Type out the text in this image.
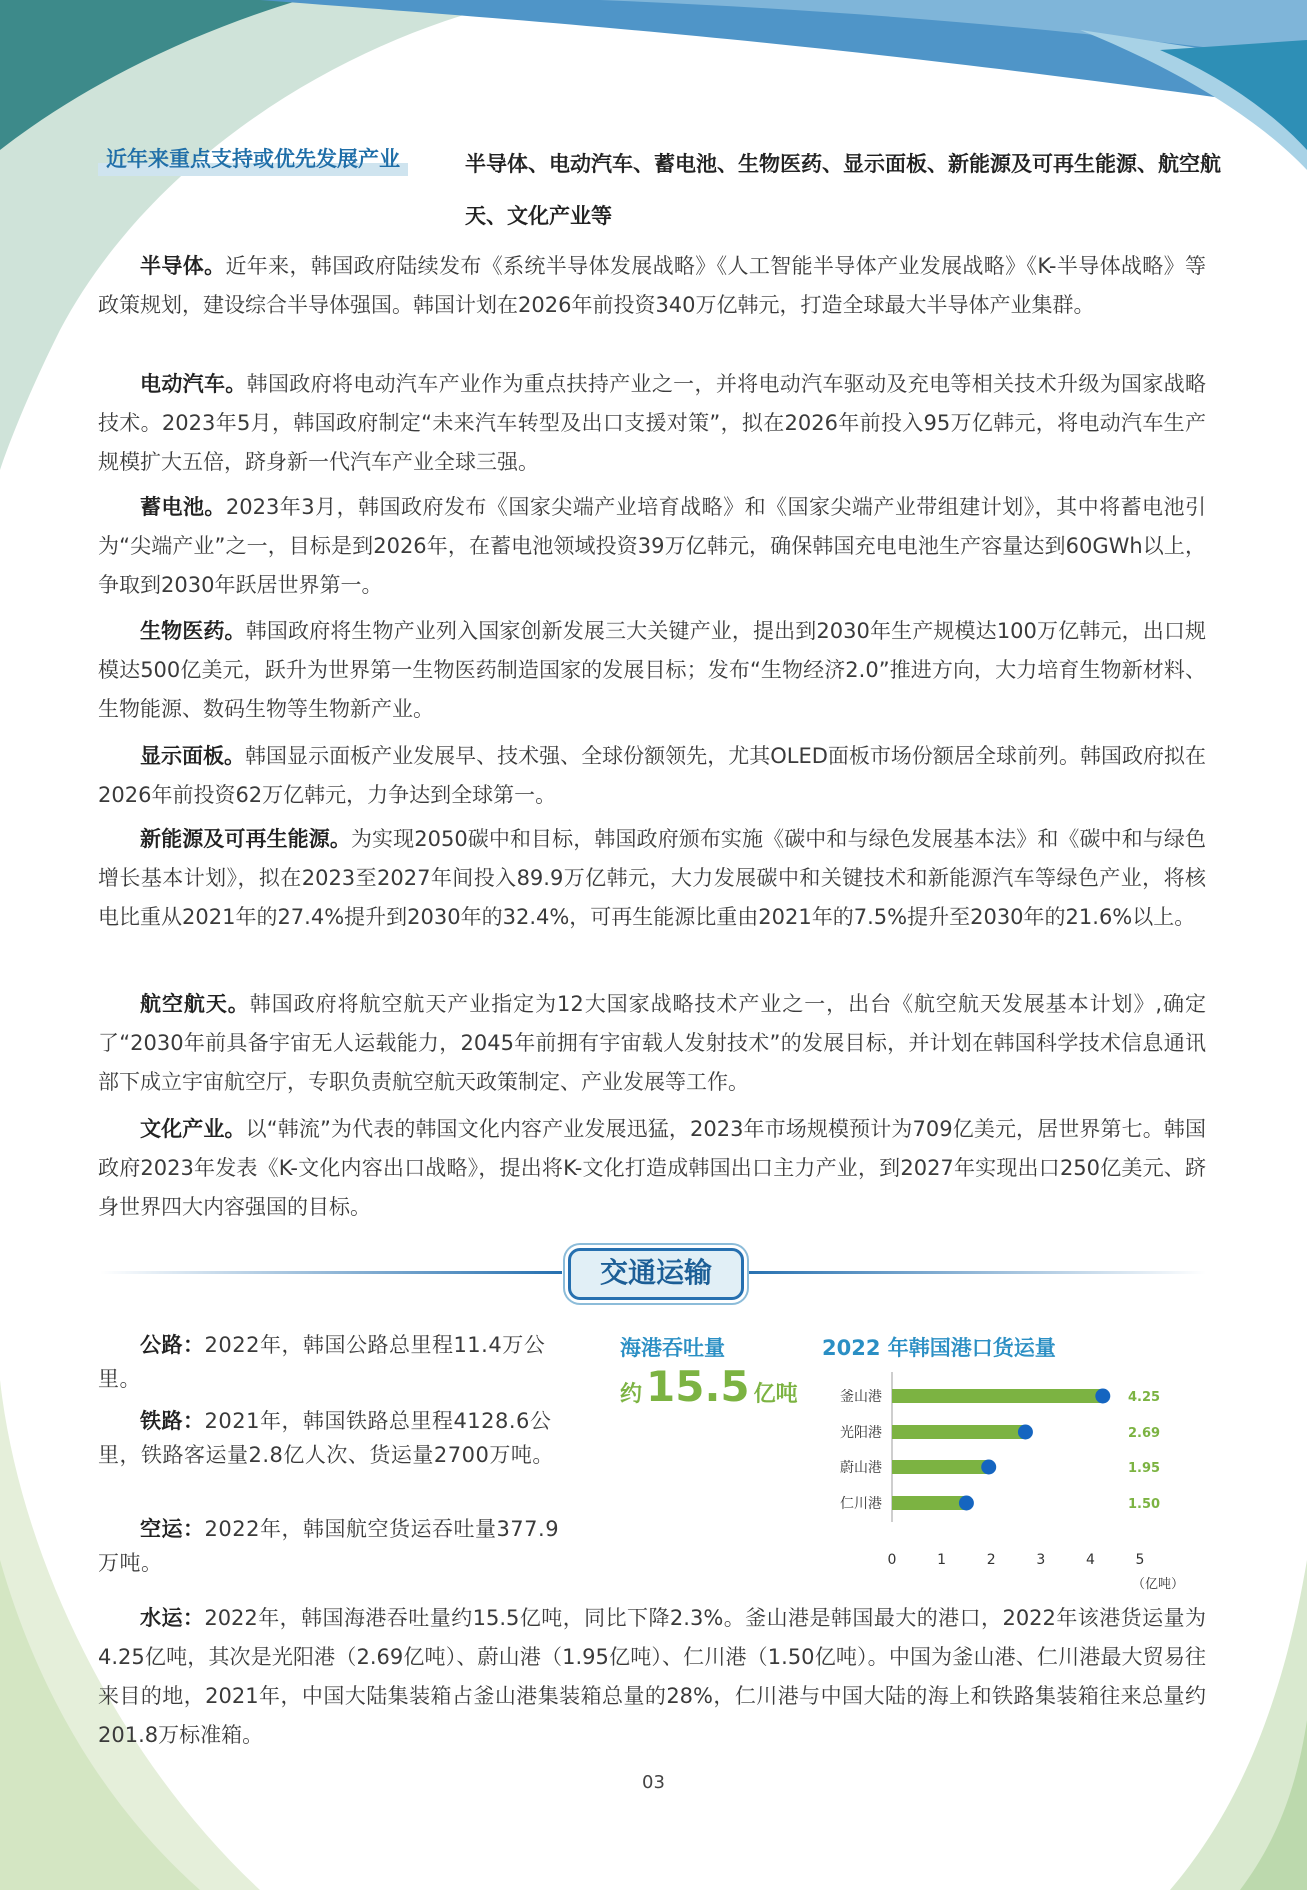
近年来重点支持或优先发展产业	半导体、电动汽车、蓄电池、生物医药、显示面板、新能源及可再生能源、航空航天、文化产业等

半导体。近年来，韩国政府陆续发布《系统半导体发展战略》《人工智能半导体产业发展战略》《K-半导体战略》等政策规划，建设综合半导体强国。韩国计划在2026年前投资340万亿韩元，打造全球最大半导体产业集群。

电动汽车。韩国政府将电动汽车产业作为重点扶持产业之一，并将电动汽车驱动及充电等相关技术升级为国家战略技术。2023年5月，韩国政府制定“未来汽车转型及出口支援对策”，拟在2026年前投入95万亿韩元，将电动汽车生产规模扩大五倍，跻身新一代汽车产业全球三强。

蓄电池。2023年3月，韩国政府发布《国家尖端产业培育战略》和《国家尖端产业带组建计划》，其中将蓄电池引为“尖端产业”之一，目标是到2026年，在蓄电池领域投资39万亿韩元，确保韩国充电电池生产容量达到60GWh以上，争取到2030年跃居世界第一。

生物医药。韩国政府将生物产业列入国家创新发展三大关键产业，提出到2030年生产规模达100万亿韩元，出口规模达500亿美元，跃升为世界第一生物医药制造国家的发展目标；发布“生物经济2.0”推进方向，大力培育生物新材料、生物能源、数码生物等生物新产业。

显示面板。韩国显示面板产业发展早、技术强、全球份额领先，尤其OLED面板市场份额居全球前列。韩国政府拟在2026年前投资62万亿韩元，力争达到全球第一。

新能源及可再生能源。为实现2050碳中和目标，韩国政府颁布实施《碳中和与绿色发展基本法》和《碳中和与绿色增长基本计划》，拟在2023至2027年间投入89.9万亿韩元，大力发展碳中和关键技术和新能源汽车等绿色产业，将核电比重从2021年的27.4%提升到2030年的32.4%，可再生能源比重由2021年的7.5%提升至2030年的21.6%以上。

航空航天。韩国政府将航空航天产业指定为12大国家战略技术产业之一，出台《航空航天发展基本计划》,确定了“2030年前具备宇宙无人运载能力，2045年前拥有宇宙载人发射技术”的发展目标，并计划在韩国科学技术信息通讯部下成立宇宙航空厅，专职负责航空航天政策制定、产业发展等工作。

文化产业。以“韩流”为代表的韩国文化内容产业发展迅猛，2023年市场规模预计为709亿美元，居世界第七。韩国政府2023年发表《K-文化内容出口战略》，提出将K-文化打造成韩国出口主力产业，到2027年实现出口250亿美元、跻身世界四大内容强国的目标。

交通运输

公路：2022年，韩国公路总里程11.4万公里。

铁路：2021年，韩国铁路总里程4128.6公里，铁路客运量2.8亿人次、货运量2700万吨。

空运：2022年，韩国航空货运吞吐量377.9万吨。

海港吞吐量
约15.5 亿吨
2022 年韩国港口货运量
釜山港	4.25
光阳港	2.69
蔚山港	1.95
仁川港	1.50
0	1	2	3	4	5
（亿吨）

水运：2022年，韩国海港吞吐量约15.5亿吨，同比下降2.3%。釜山港是韩国最大的港口，2022年该港货运量为4.25亿吨，其次是光阳港（2.69亿吨）、蔚山港（1.95亿吨）、仁川港（1.50亿吨）。中国为釜山港、仁川港最大贸易往来目的地，2021年，中国大陆集装箱占釜山港集装箱总量的28%，仁川港与中国大陆的海上和铁路集装箱往来总量约201.8万标准箱。

03
